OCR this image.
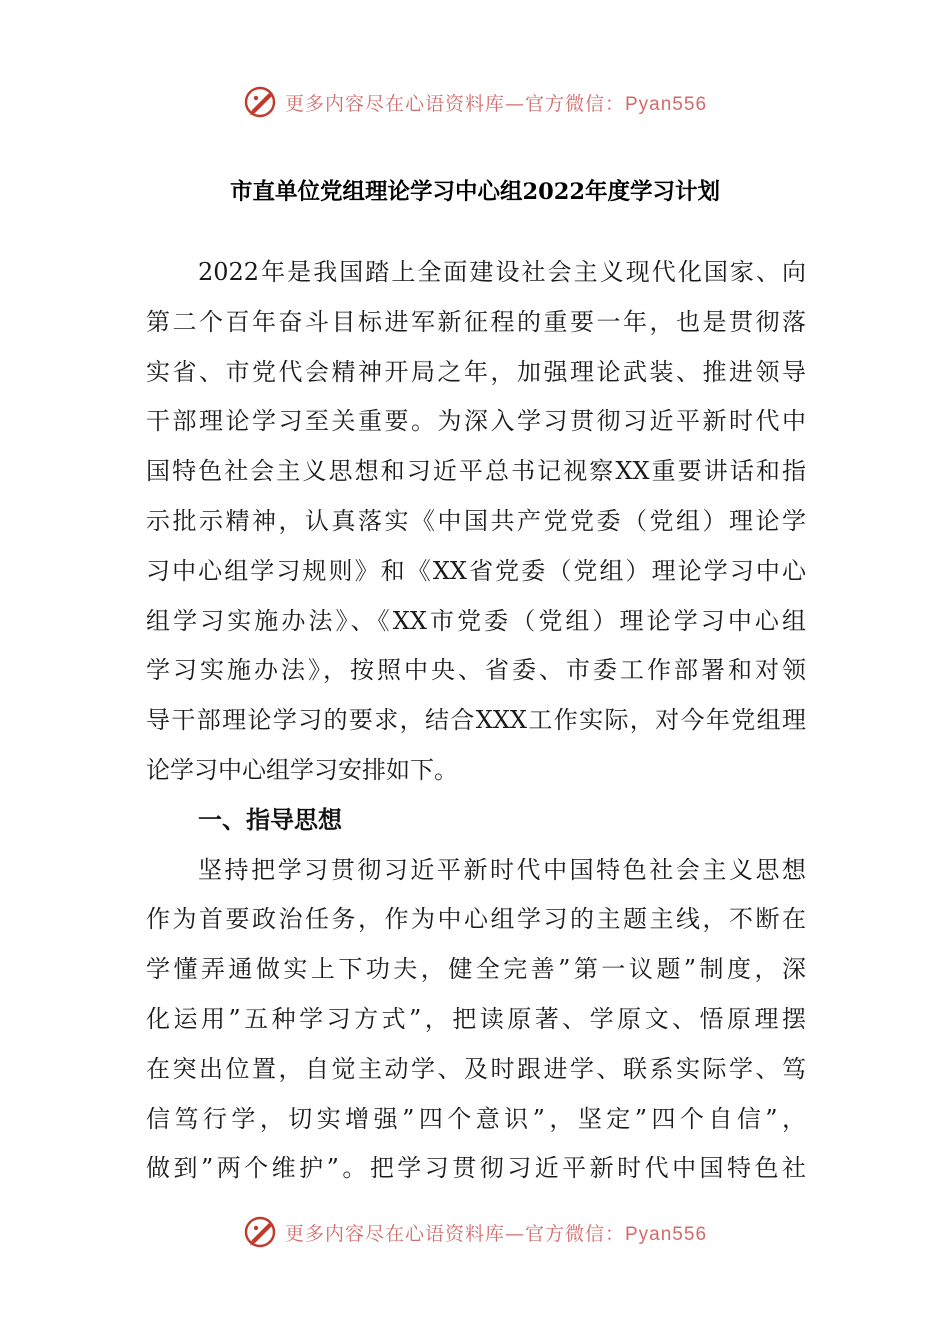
更多内容尽在心语资料库—官方微信：Pyan556
市直单位党组理论学习中心组2022年度学习计划
2022年是我国踏上全面建设社会主义现代化国家、向
第二个百年奋斗目标进军新征程的重要一年，也是贯彻落
实省、市党代会精神开局之年，加强理论武装、推进领导
干部理论学习至关重要。为深入学习贯彻习近平新时代中
国特色社会主义思想和习近平总书记视察XX重要讲话和指
示批示精神，认真落实《中国共产党党委（党组）理论学
习中心组学习规则》和《XX省党委（党组）理论学习中心
组学习实施办法》、《XX市党委（党组）理论学习中心组
学习实施办法》，按照中央、省委、市委工作部署和对领
导干部理论学习的要求，结合XXX工作实际，对今年党组理
论学习中心组学习安排如下。
一、指导思想
坚持把学习贯彻习近平新时代中国特色社会主义思想
作为首要政治任务，作为中心组学习的主题主线，不断在
学懂弄通做实上下功夫，健全完善”第一议题”制度，深
化运用”五种学习方式”，把读原著、学原文、悟原理摆
在突出位置，自觉主动学、及时跟进学、联系实际学、笃
信笃行学，切实增强”四个意识”，坚定”四个自信”，
做到”两个维护”。把学习贯彻习近平新时代中国特色社
更多内容尽在心语资料库—官方微信：Pyan556
